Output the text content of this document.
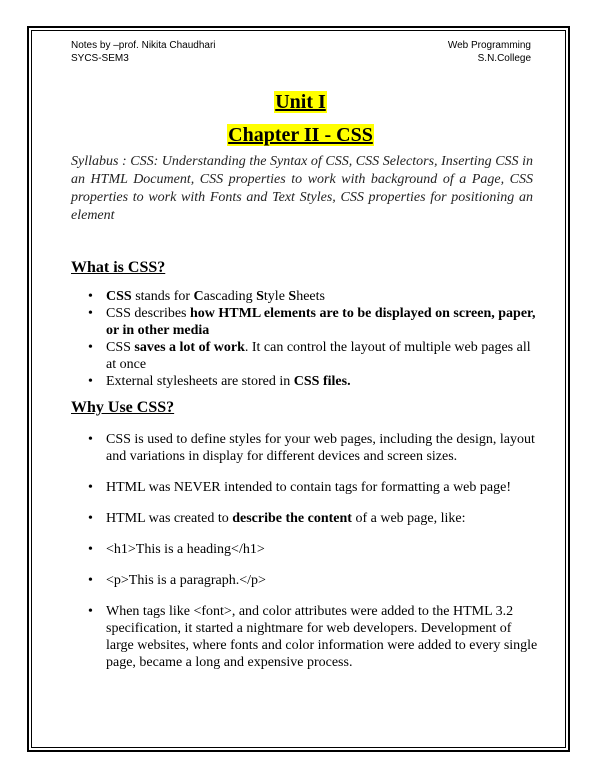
Notes by –prof. Nikita Chaudhari
SYCS-SEM3
Web Programming
S.N.College
Unit I
Chapter II - CSS
Syllabus : CSS: Understanding the Syntax of CSS, CSS Selectors, Inserting CSS in an HTML Document, CSS properties to work with background of a Page, CSS properties to work with Fonts and Text Styles, CSS properties for positioning an element
What is CSS?
• CSS stands for Cascading Style Sheets
• CSS describes how HTML elements are to be displayed on screen, paper, or in other media
• CSS saves a lot of work. It can control the layout of multiple web pages all at once
• External stylesheets are stored in CSS files.
Why Use CSS?
• CSS is used to define styles for your web pages, including the design, layout and variations in display for different devices and screen sizes.
• HTML was NEVER intended to contain tags for formatting a web page!
• HTML was created to describe the content of a web page, like:
• <h1>This is a heading</h1>
• <p>This is a paragraph.</p>
• When tags like <font>, and color attributes were added to the HTML 3.2 specification, it started a nightmare for web developers. Development of large websites, where fonts and color information were added to every single page, became a long and expensive process.
